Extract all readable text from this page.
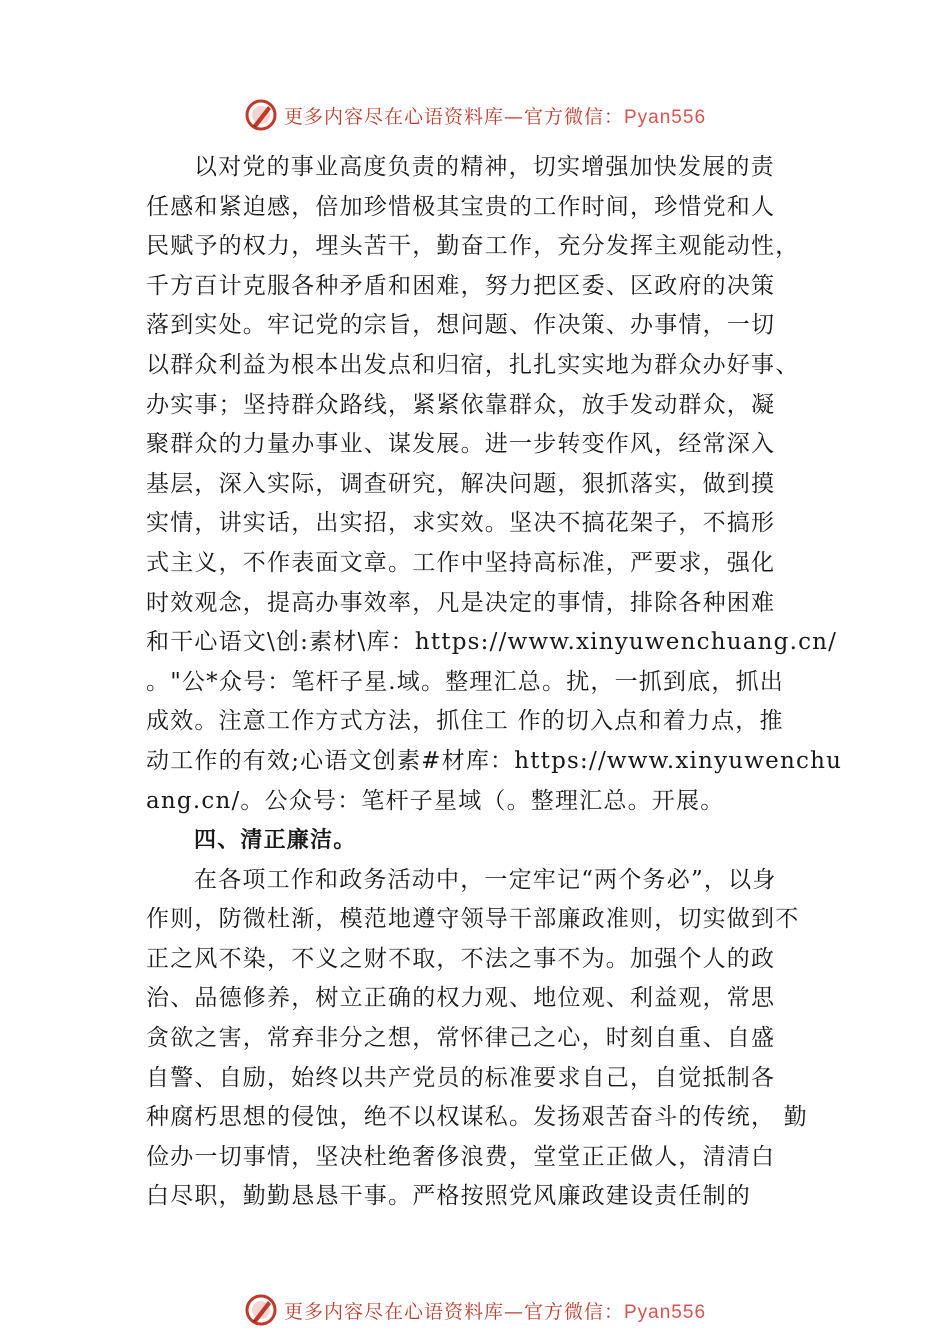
更多内容尽在心语资料库—官方微信：Pyan556
以对党的事业高度负责的精神，切实增强加快发展的责
任感和紧迫感，倍加珍惜极其宝贵的工作时间，珍惜党和人
民赋予的权力，埋头苦干，勤奋工作，充分发挥主观能动性，
千方百计克服各种矛盾和困难，努力把区委、区政府的决策
落到实处。牢记党的宗旨，想问题、作决策、办事情，一切
以群众利益为根本出发点和归宿，扎扎实实地为群众办好事、
办实事；坚持群众路线，紧紧依靠群众，放手发动群众，凝
聚群众的力量办事业、谋发展。进一步转变作风，经常深入
基层，深入实际，调查研究，解决问题，狠抓落实，做到摸
实情，讲实话，出实招，求实效。坚决不搞花架子，不搞形
式主义，不作表面文章。工作中坚持高标准，严要求，强化
时效观念，提高办事效率，凡是决定的事情，排除各种困难
和干心语文\创:素材\库：https://www.xinyuwenchuang.cn/
。"公*众号：笔杆子星.域。整理汇总。扰，一抓到底，抓出
成效。注意工作方式方法，抓住工 作的切入点和着力点，推
动工作的有效;心语文创素#材库：https://www.xinyuwenchu
ang.cn/。公众号：笔杆子星域（。整理汇总。开展。
四、清正廉洁。
在各项工作和政务活动中，一定牢记“两个务必”，以身
作则，防微杜渐，模范地遵守领导干部廉政准则，切实做到不
正之风不染，不义之财不取，不法之事不为。加强个人的政
治、品德修养，树立正确的权力观、地位观、利益观，常思
贪欲之害，常弃非分之想，常怀律己之心，时刻自重、自盛
自警、自励，始终以共产党员的标准要求自己，自觉抵制各
种腐朽思想的侵蚀，绝不以权谋私。发扬艰苦奋斗的传统， 勤
俭办一切事情，坚决杜绝奢侈浪费，堂堂正正做人，清清白
白尽职，勤勤恳恳干事。严格按照党风廉政建设责任制的
更多内容尽在心语资料库—官方微信：Pyan556
